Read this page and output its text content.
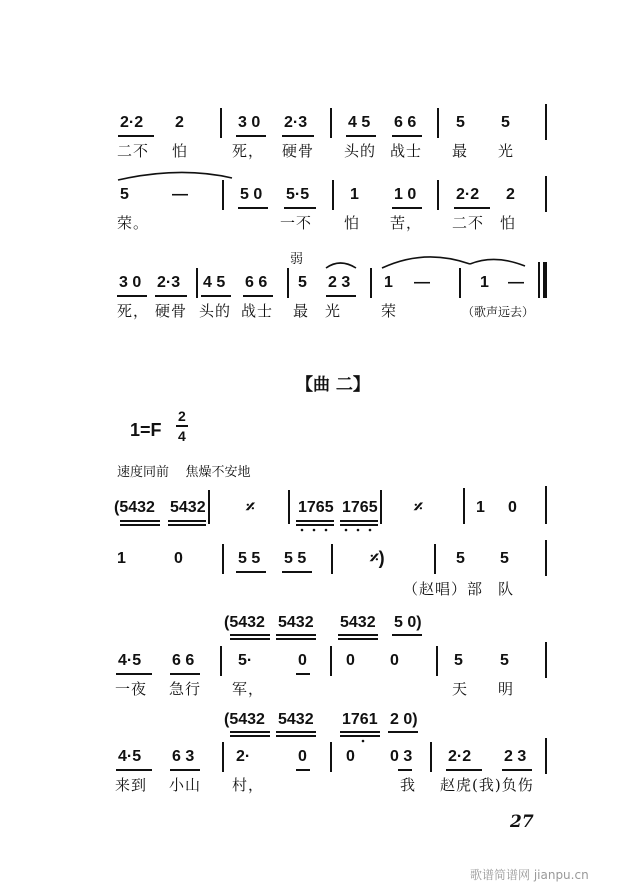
2·2 2	3 0 2·3	4 5 6 6 5 5
二不 怕	死， 硬骨 头的 战士 最 光
5	—	5 0 5·5	1 1 0 2·2 2
荣。	一不 怕 苦， 二不 怕
弱
3 0 2·3 4 5 6 6 5 2 3 1 —	1 —
死， 硬骨 头的 战士 最 光	荣	（歌声远去）
【曲 二】
1=F
2
4
速度同前    焦燥不安地
(5432 5432 𝄎	1765 1765 𝄎	1 0
1	0	5 5 5 5	𝄎)	5 5
（赵唱）部 队
(5432 5432 5432 5 0)
4·5 6 6	5·	0 0 0	5 5
一夜 急行 军，	天 明
(5432 5432 1761 2 0)
4·5 6 3	2·	0 0 0 3 2·2 2 3
来到 小山 村，	我 赵虎(我)负伤
27
歌谱简谱网 jianpu.cn
